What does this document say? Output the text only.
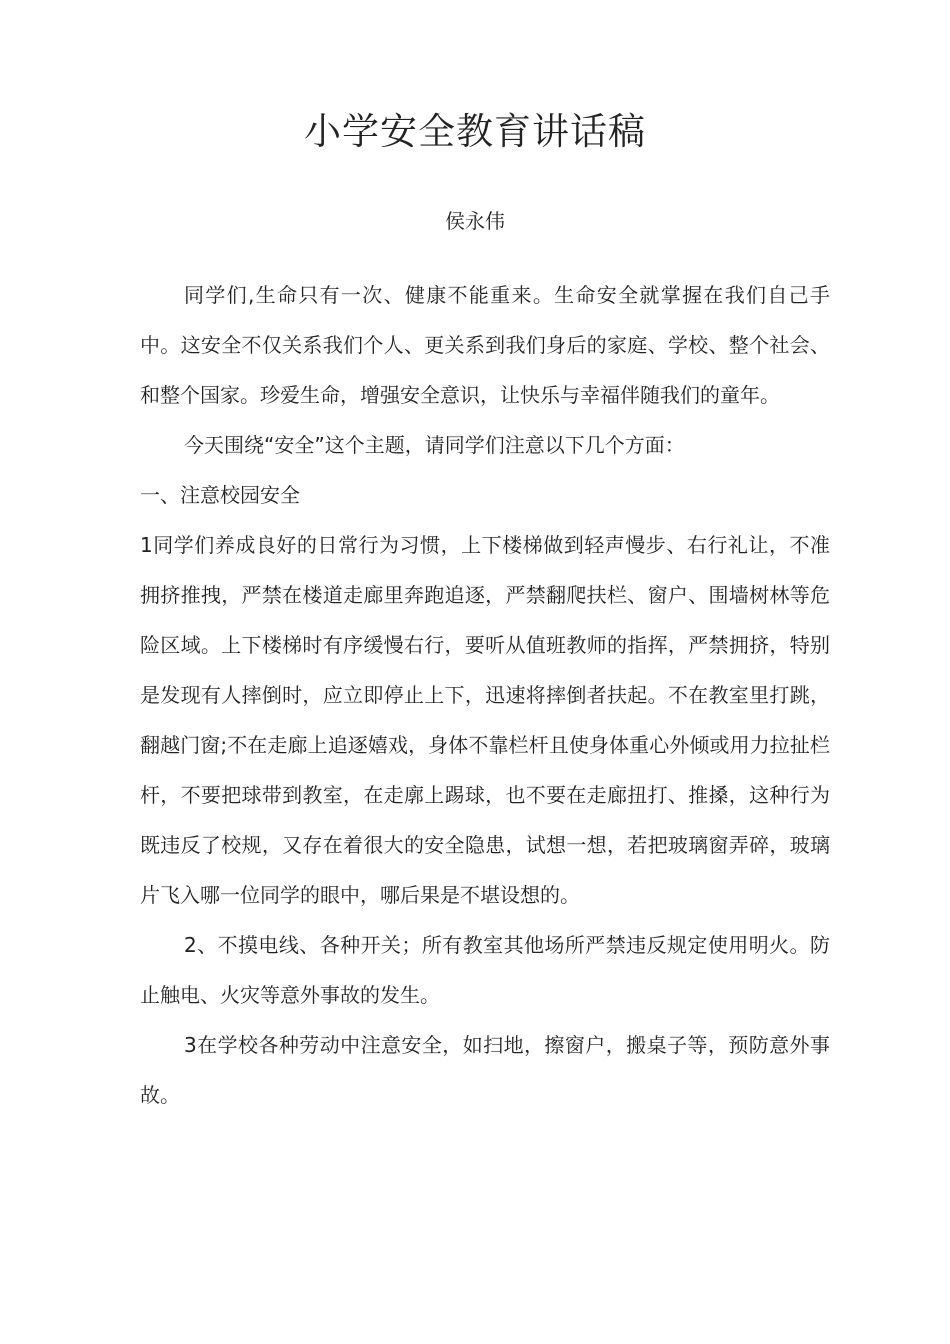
小学安全教育讲话稿
侯永伟

同学们,生命只有一次、健康不能重来。生命安全就掌握在我们自己手中。这安全不仅关系我们个人、更关系到我们身后的家庭、学校、整个社会、和整个国家。珍爱生命，增强安全意识，让快乐与幸福伴随我们的童年。

今天围绕“安全”这个主题，请同学们注意以下几个方面：

一、注意校园安全

1同学们养成良好的日常行为习惯，上下楼梯做到轻声慢步、右行礼让，不准拥挤推拽，严禁在楼道走廊里奔跑追逐，严禁翻爬扶栏、窗户、围墙树林等危险区域。上下楼梯时有序缓慢右行，要听从值班教师的指挥，严禁拥挤，特别是发现有人摔倒时，应立即停止上下，迅速将摔倒者扶起。不在教室里打跳，翻越门窗;不在走廊上追逐嬉戏，身体不靠栏杆且使身体重心外倾或用力拉扯栏杆，不要把球带到教室，在走廓上踢球，也不要在走廊扭打、推搡，这种行为既违反了校规，又存在着很大的安全隐患，试想一想，若把玻璃窗弄碎，玻璃片飞入哪一位同学的眼中，哪后果是不堪设想的。

2、不摸电线、各种开关；所有教室其他场所严禁违反规定使用明火。防止触电、火灾等意外事故的发生。

3在学校各种劳动中注意安全，如扫地，擦窗户，搬桌子等，预防意外事故。
